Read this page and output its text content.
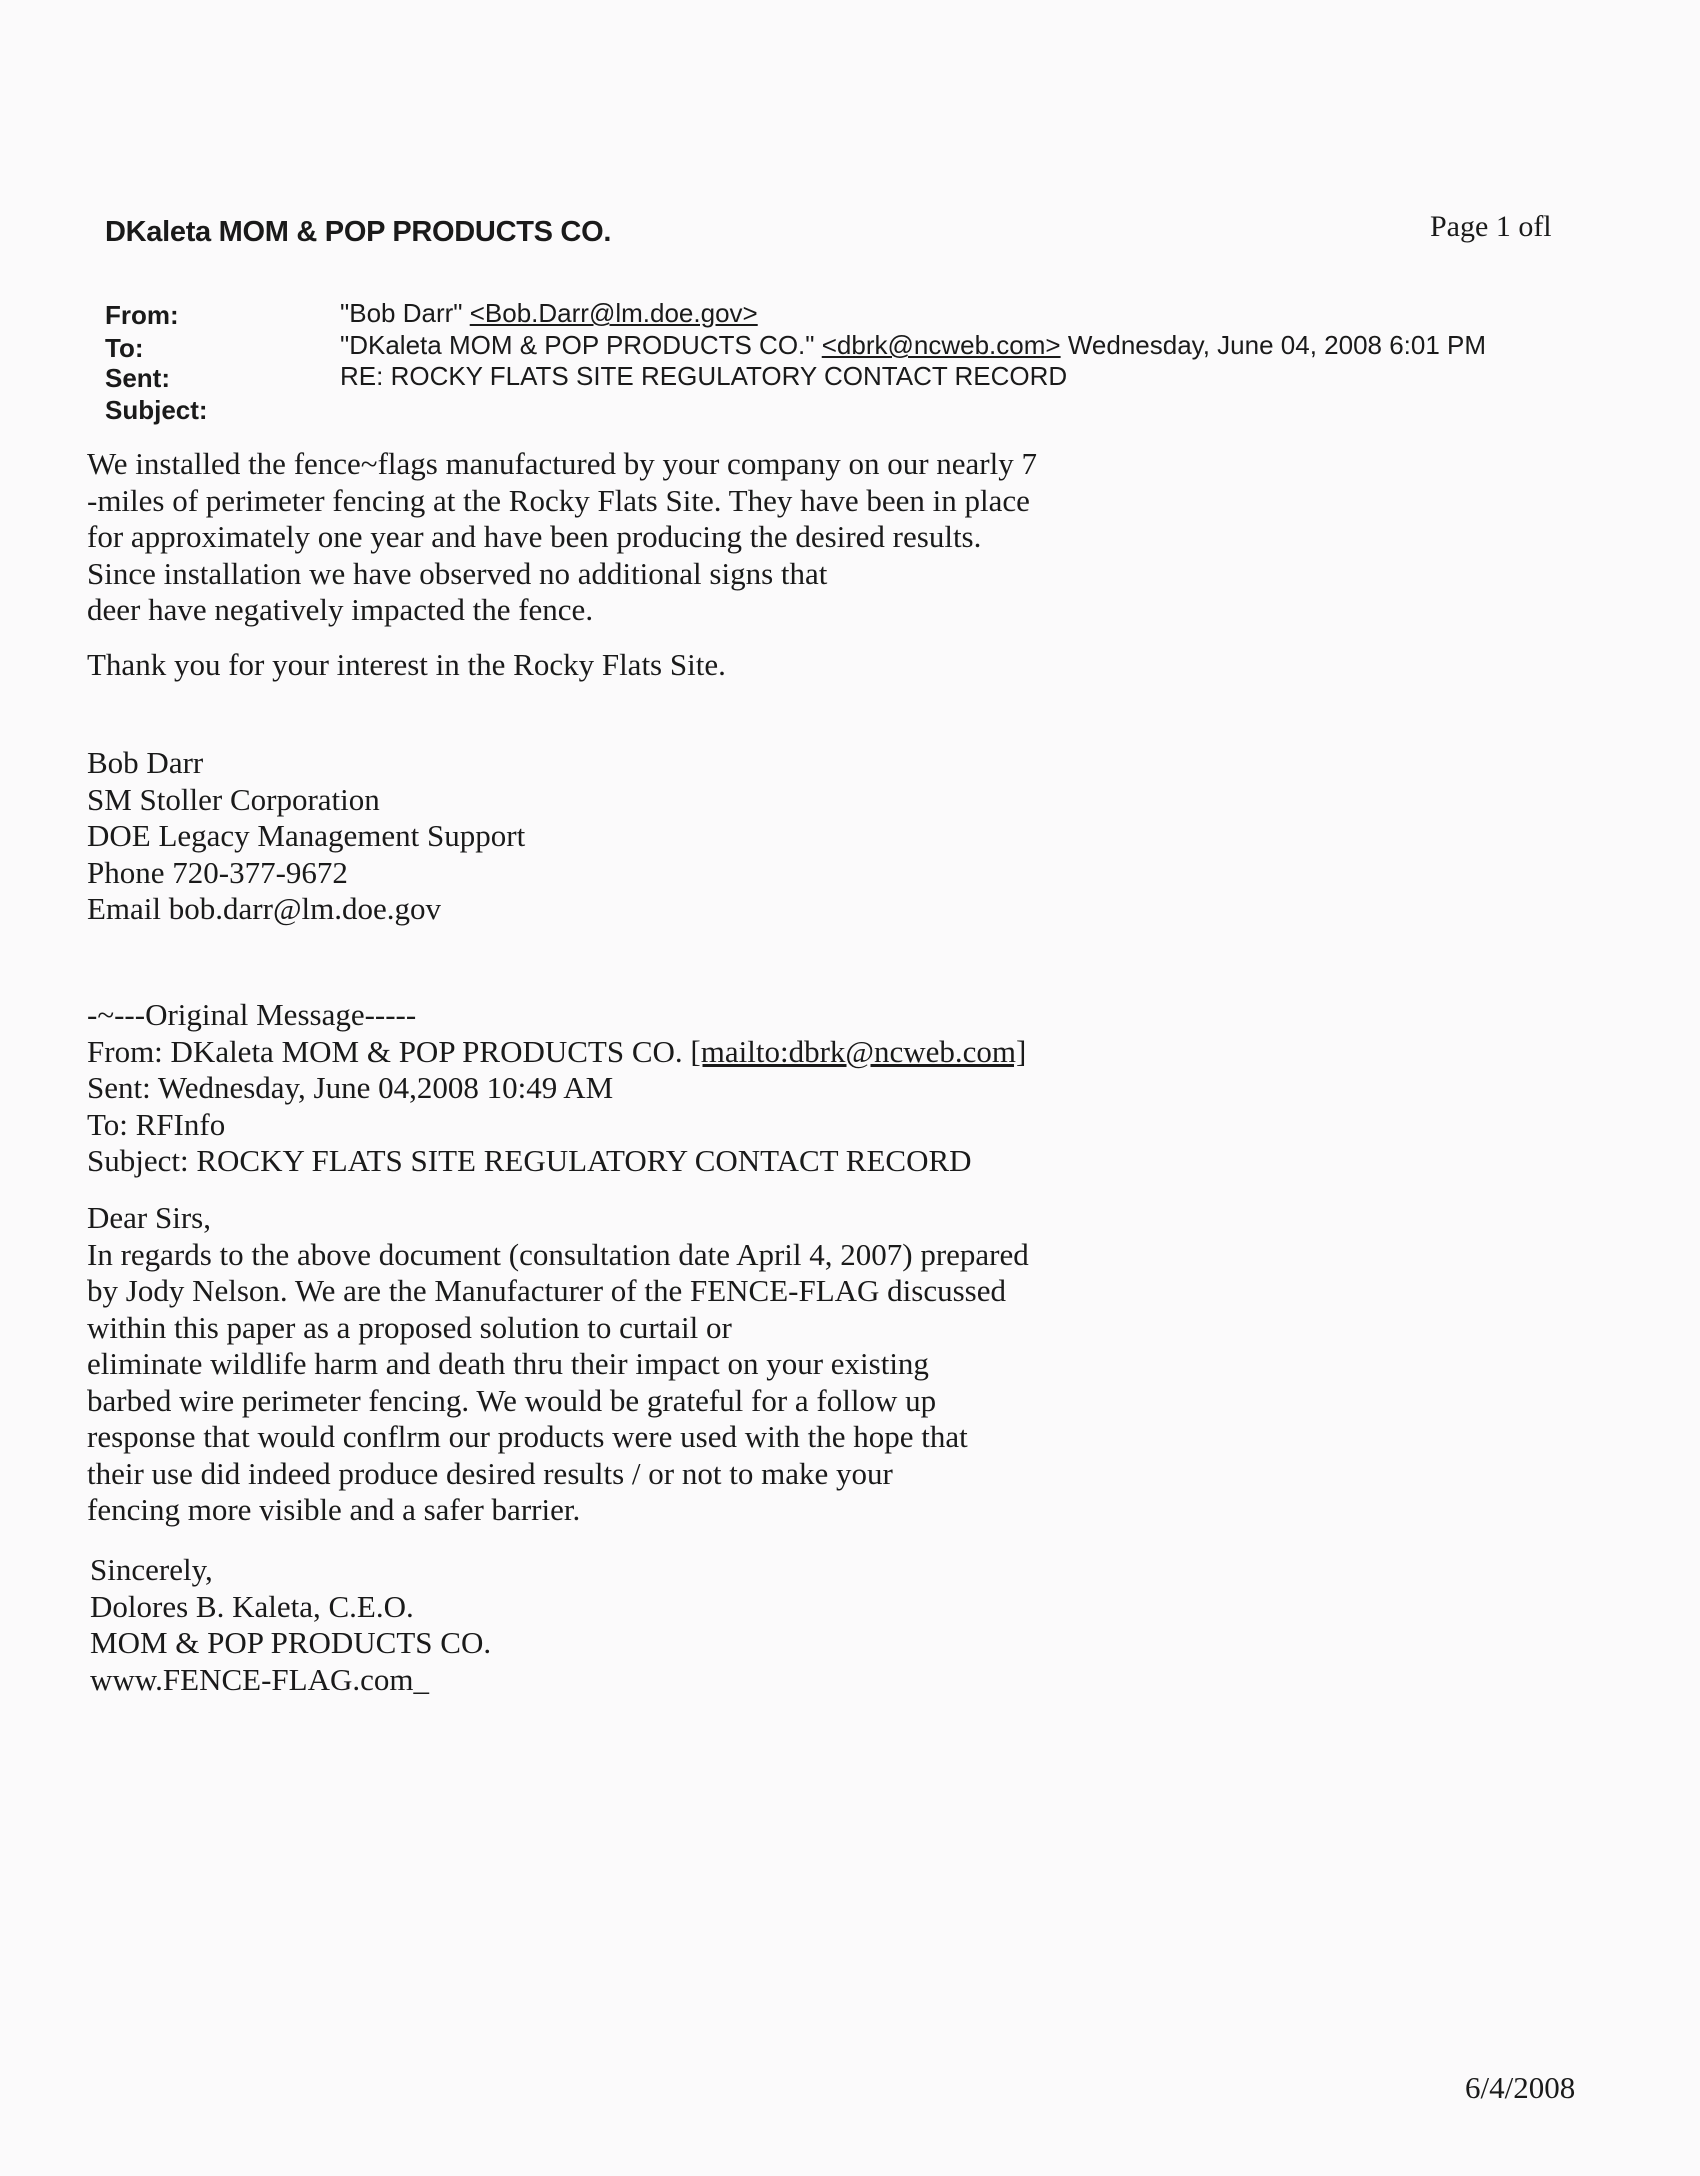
DKaleta MOM & POP PRODUCTS CO.	Page 1 ofl
From:
To:
Sent:
Subject:
"Bob Darr" <Bob.Darr@lm.doe.gov>
"DKaleta MOM & POP PRODUCTS CO." <dbrk@ncweb.com> Wednesday, June 04, 2008 6:01 PM
RE: ROCKY FLATS SITE REGULATORY CONTACT RECORD
We installed the fence~flags manufactured by your company on our nearly 7
-miles of perimeter fencing at the Rocky Flats Site. They have been in place
for approximately one year and have been producing the desired results.
Since installation we have observed no additional signs that
deer have negatively impacted the fence.
Thank you for your interest in the Rocky Flats Site.
Bob Darr
SM Stoller Corporation
DOE Legacy Management Support
Phone 720-377-9672
Email bob.darr@lm.doe.gov
-~---Original Message-----
From: DKaleta MOM & POP PRODUCTS CO. [mailto:dbrk@ncweb.com]
Sent: Wednesday, June 04,2008 10:49 AM
To: RFInfo
Subject: ROCKY FLATS SITE REGULATORY CONTACT RECORD
Dear Sirs,
In regards to the above document (consultation date April 4, 2007) prepared
by Jody Nelson. We are the Manufacturer of the FENCE-FLAG discussed
within this paper as a proposed solution to curtail or
eliminate wildlife harm and death thru their impact on your existing
barbed wire perimeter fencing. We would be grateful for a follow up
response that would conflrm our products were used with the hope that
their use did indeed produce desired results / or not to make your
fencing more visible and a safer barrier.
Sincerely,
Dolores B. Kaleta, C.E.O.
MOM & POP PRODUCTS CO.
www.FENCE-FLAG.com_
6/4/2008
